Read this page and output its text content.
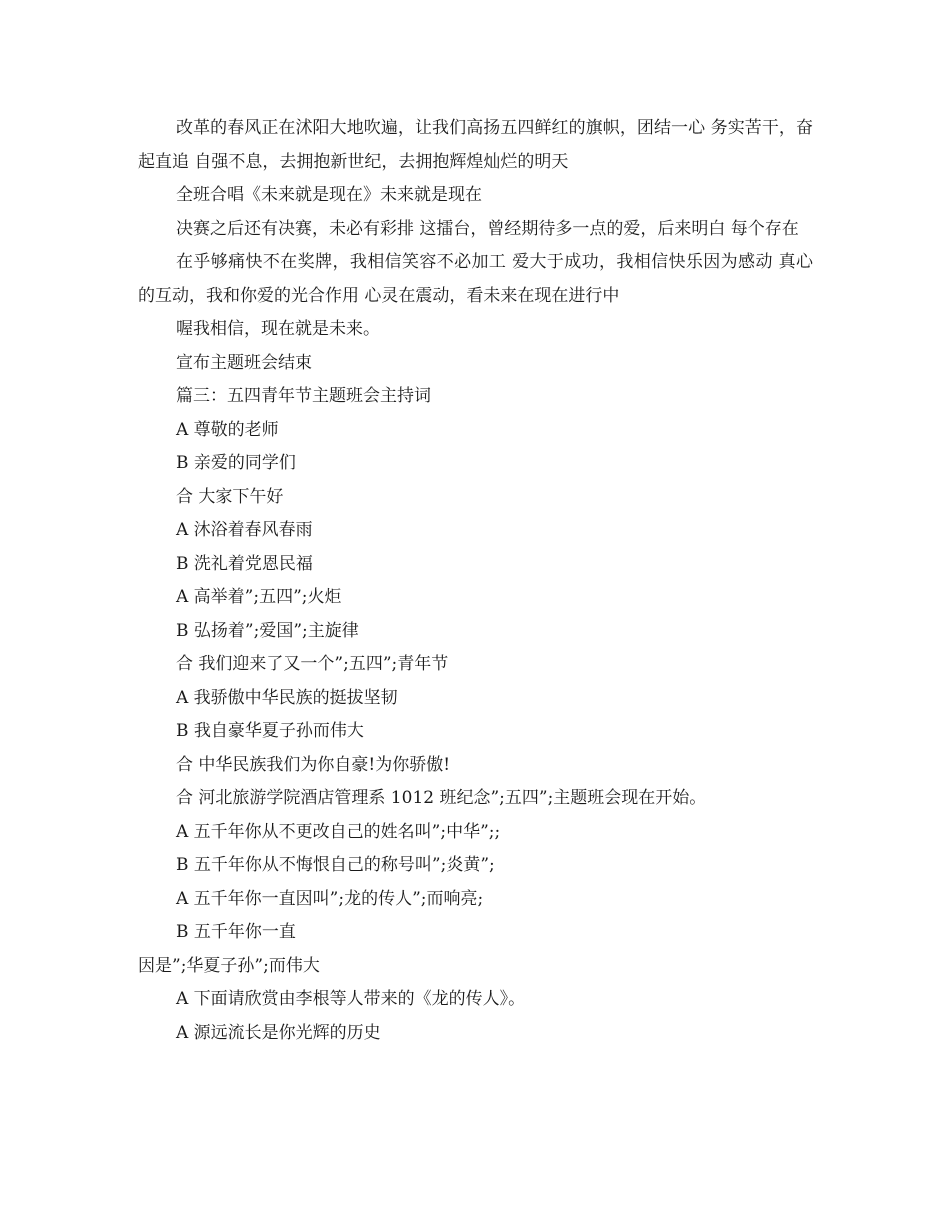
改革的春风正在沭阳大地吹遍，让我们高扬五四鲜红的旗帜，团结一心 务实苦干，奋起直追 自强不息，去拥抱新世纪，去拥抱辉煌灿烂的明天

全班合唱《未来就是现在》未来就是现在

决赛之后还有决赛，未必有彩排 这擂台，曾经期待多一点的爱，后来明白 每个存在

在乎够痛快不在奖牌，我相信笑容不必加工 爱大于成功，我相信快乐因为感动 真心的互动，我和你爱的光合作用 心灵在震动，看未来在现在进行中

喔我相信，现在就是未来。

宣布主题班会结束

篇三：五四青年节主题班会主持词

A 尊敬的老师

B 亲爱的同学们

合 大家下午好

A 沐浴着春风春雨

B 洗礼着党恩民福

A 高举着”;五四”;火炬

B 弘扬着”;爱国”;主旋律

合 我们迎来了又一个”;五四”;青年节

A 我骄傲中华民族的挺拔坚韧

B 我自豪华夏子孙而伟大

合 中华民族我们为你自豪!为你骄傲!

合 河北旅游学院酒店管理系 1012 班纪念”;五四”;主题班会现在开始。

A 五千年你从不更改自己的姓名叫”;中华”;;

B 五千年你从不悔恨自己的称号叫”;炎黄”;

A 五千年你一直因叫”;龙的传人”;而响亮;

B 五千年你一直

因是”;华夏子孙”;而伟大

A 下面请欣赏由李根等人带来的《龙的传人》。

A 源远流长是你光辉的历史
